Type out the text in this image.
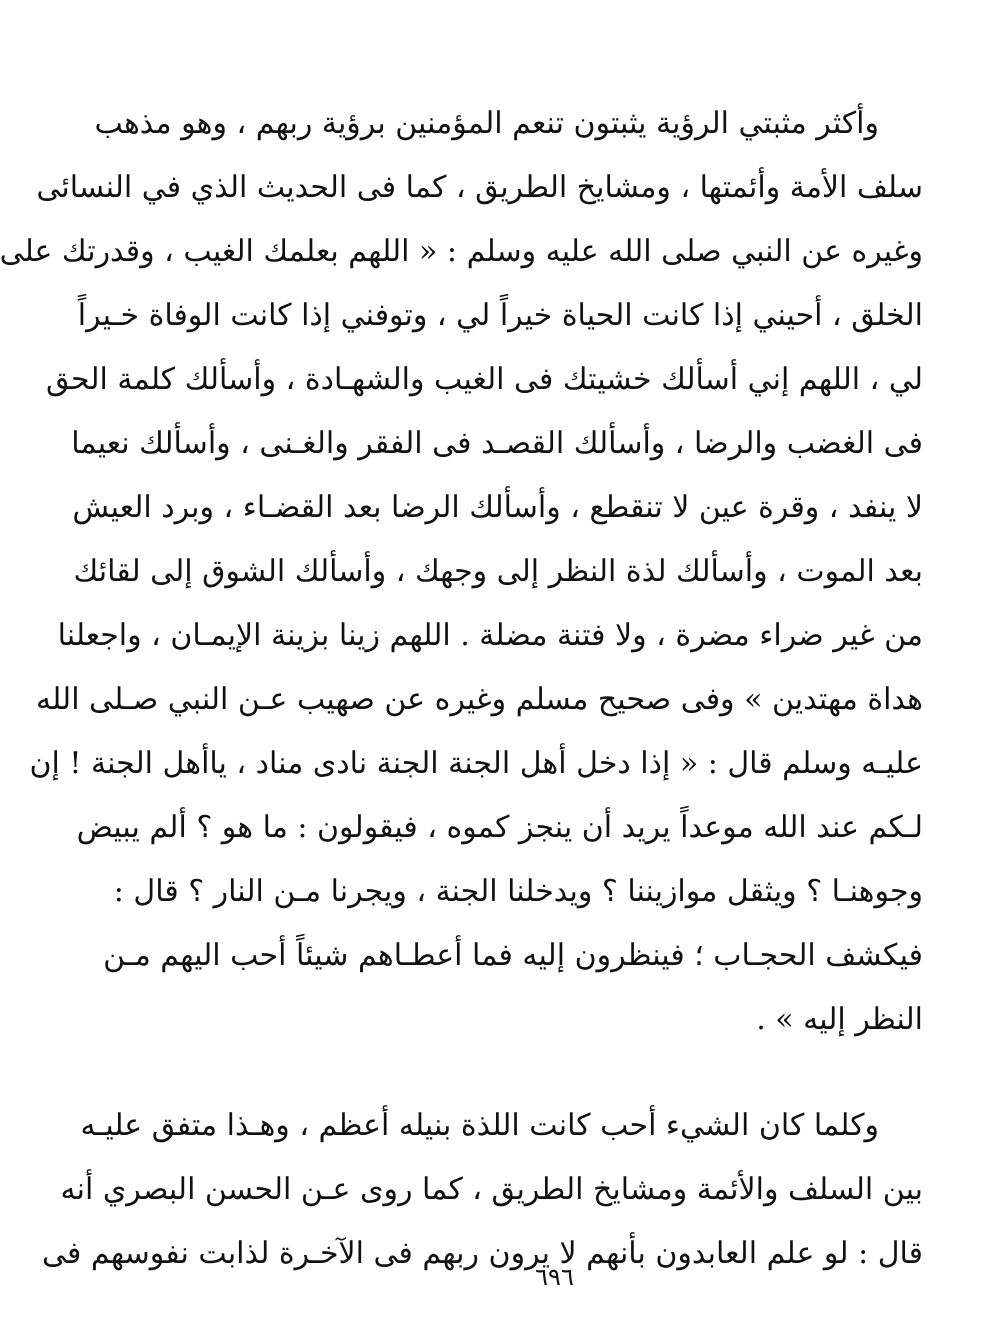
وأكثر مثبتي الرؤية يثبتون تنعم المؤمنين برؤية ربهم ، وهو مذهب
سلف الأمة وأئمتها ، ومشايخ الطريق ، كما فى الحديث الذي في النسائى
وغيره عن النبي صلى الله عليه وسلم : « اللهم بعلمك الغيب ، وقدرتك على
الخلق ، أحيني إذا كانت الحياة خيراً لي ، وتوفني إذا كانت الوفاة خـيراً
لي ، اللهم إني أسألك خشيتك فى الغيب والشهـادة ، وأسألك كلمة الحق
فى الغضب والرضا ، وأسألك القصـد فى الفقر والغـنى ، وأسألك نعيما
لا ينفد ، وقرة عين لا تنقطع ، وأسألك الرضا بعد القضـاء ، وبرد العيش
بعد الموت ، وأسألك لذة النظر إلى وجهك ، وأسألك الشوق إلى لقائك
من غير ضراء مضرة ، ولا فتنة مضلة . اللهم زينا بزينة الإيمـان ، واجعلنا
هداة مهتدين » وفى صحيح مسلم وغيره عن صهيب عـن النبي صـلى الله
عليـه وسلم قال : « إذا دخل أهل الجنة الجنة نادى مناد ، ياأهل الجنة ! إن
لـكم عند الله موعداً يريد أن ينجز كموه ، فيقولون : ما هو ؟ ألم يبيض
وجوهنـا ؟ ويثقل موازيننا ؟ ويدخلنا الجنة ، ويجرنا مـن النار ؟ قال :
فيكشف الحجـاب ؛ فينظرون إليه فما أعطـاهم شيئاً أحب اليهم مـن
النظر إليه » .
وكلما كان الشيء أحب كانت اللذة بنيله أعظم ، وهـذا متفق عليـه
بين السلف والأئمة ومشايخ الطريق ، كما روى عـن الحسن البصري أنه
قال : لو علم العابدون بأنهم لا يرون ربهم فى الآخـرة لذابت نفوسهم فى
٦٩٦
